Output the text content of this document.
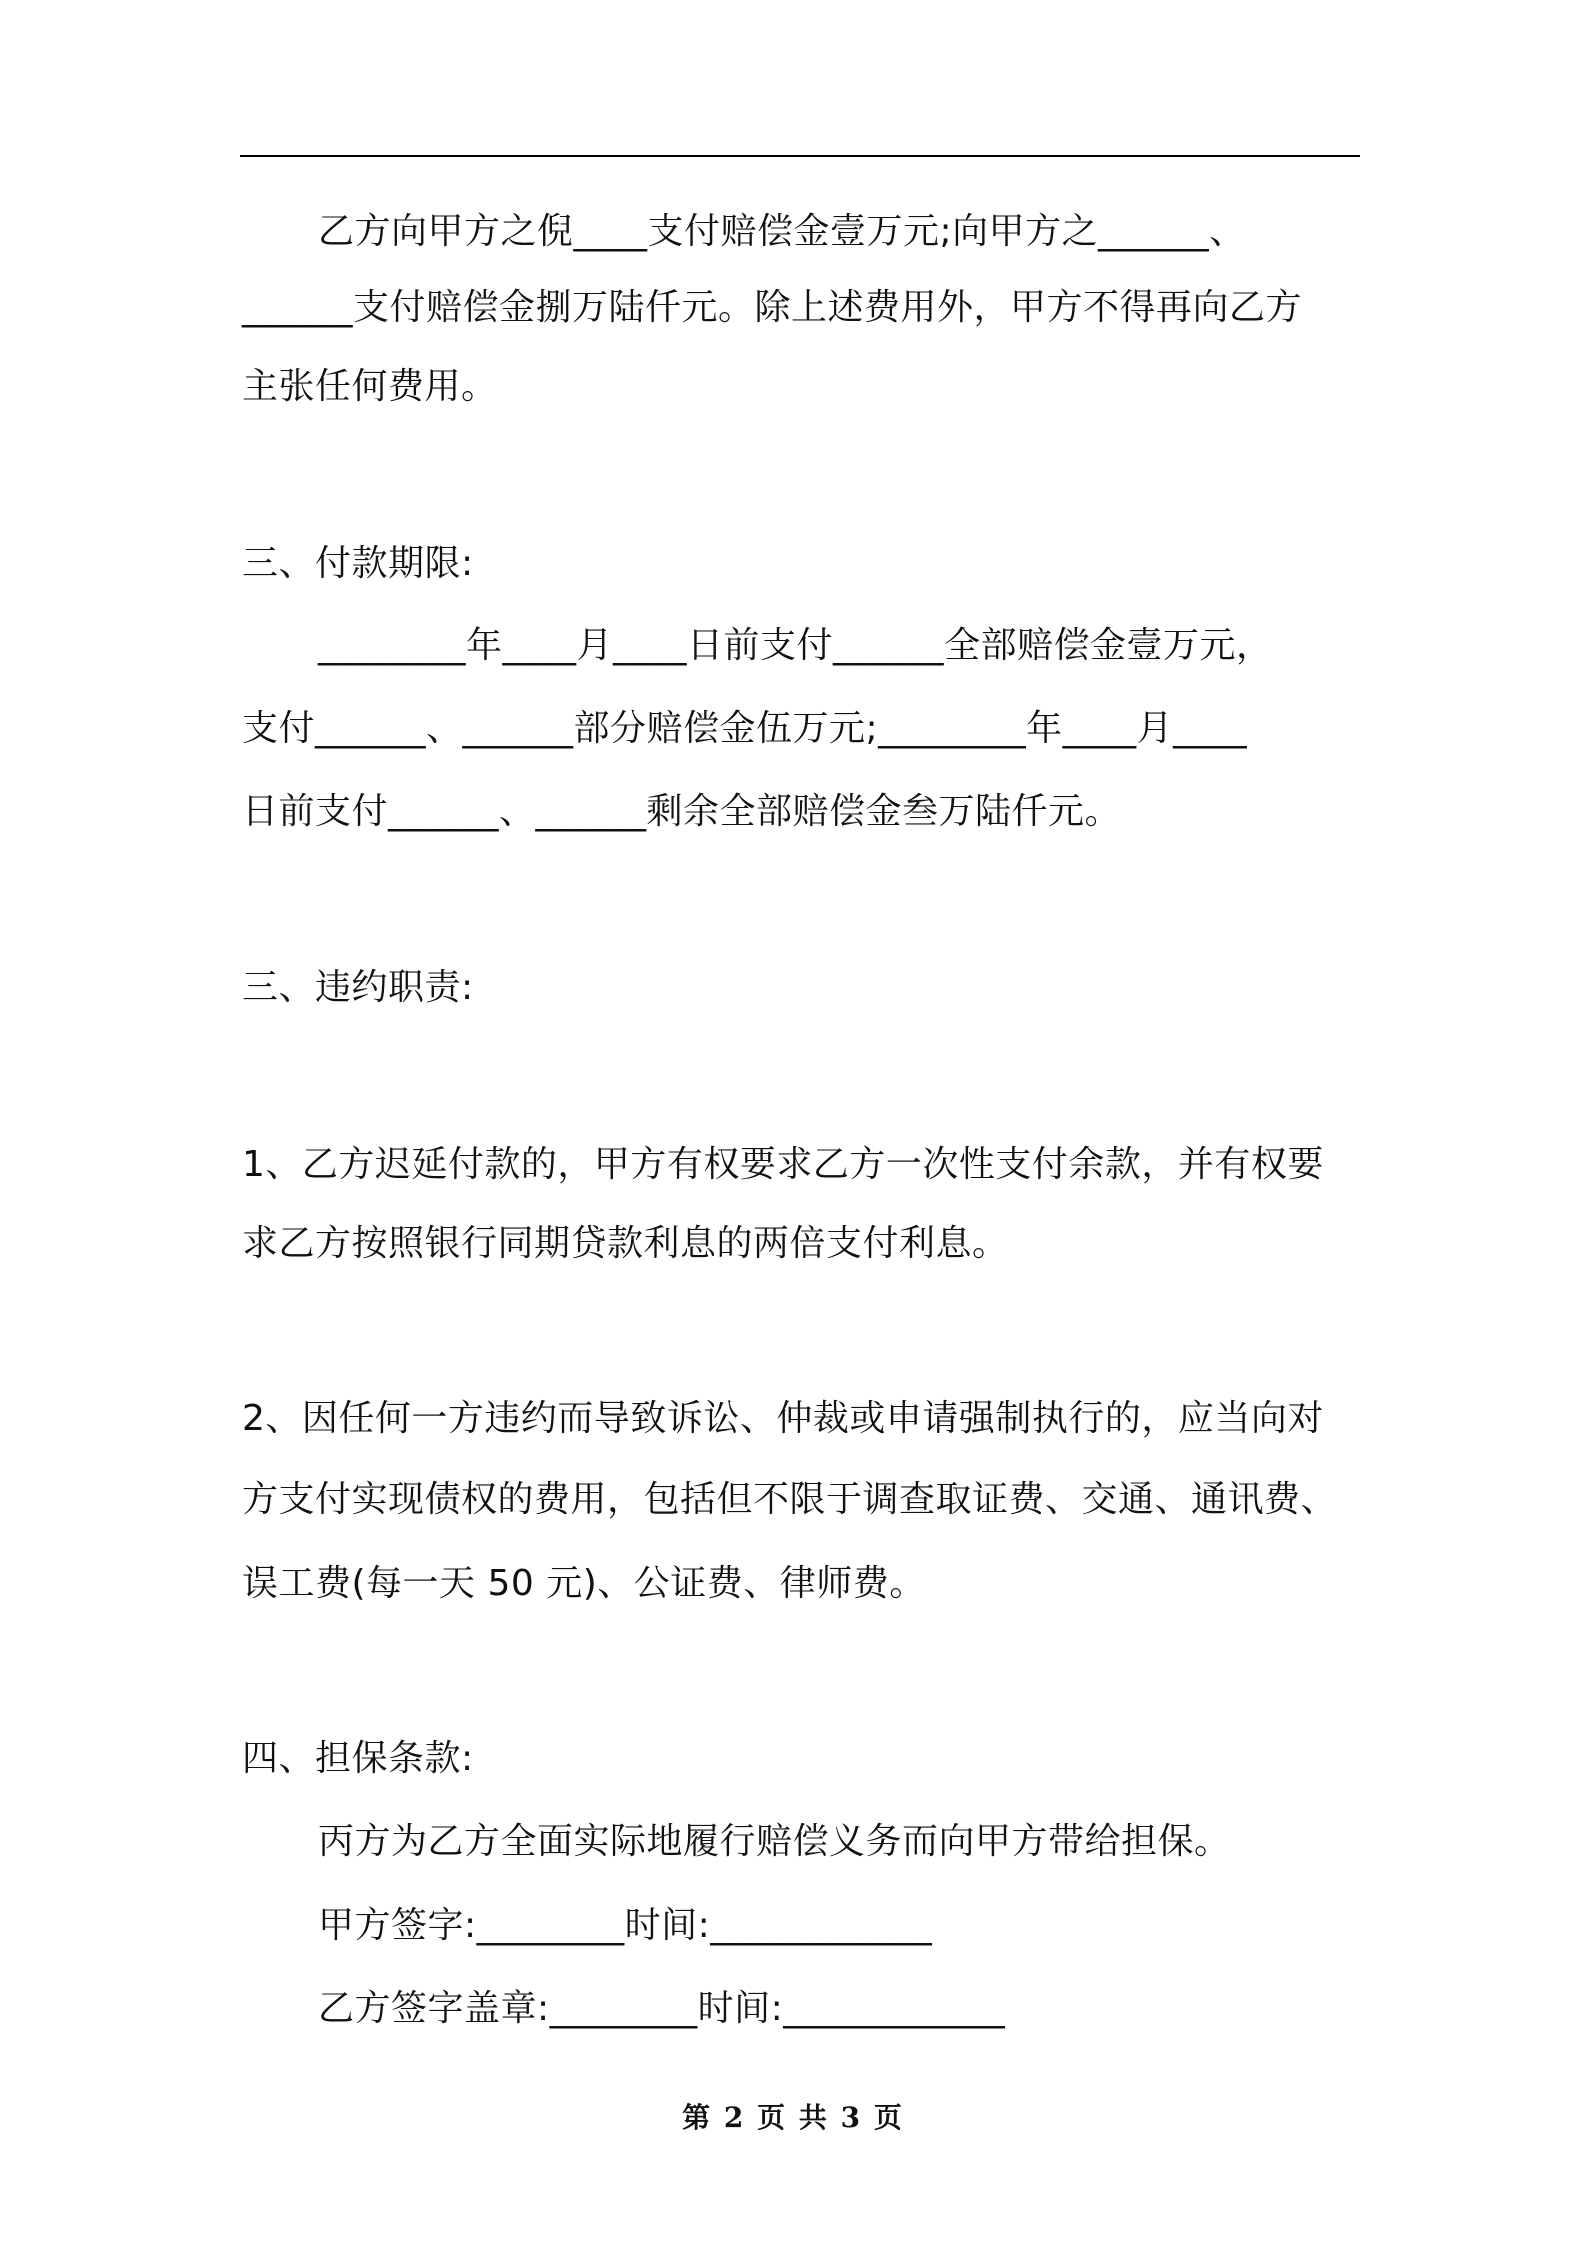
乙方向甲方之倪____支付赔偿金壹万元;向甲方之______、
______支付赔偿金捌万陆仟元。除上述费用外，甲方不得再向乙方
主张任何费用。
三、付款期限:
________年____月____日前支付______全部赔偿金壹万元，
支付______、______部分赔偿金伍万元;________年____月____
日前支付______、______剩余全部赔偿金叁万陆仟元。
三、违约职责:
1、乙方迟延付款的，甲方有权要求乙方一次性支付余款，并有权要
求乙方按照银行同期贷款利息的两倍支付利息。
2、因任何一方违约而导致诉讼、仲裁或申请强制执行的，应当向对
方支付实现债权的费用，包括但不限于调查取证费、交通、通讯费、
误工费(每一天 50 元)、公证费、律师费。
四、担保条款:
丙方为乙方全面实际地履行赔偿义务而向甲方带给担保。
甲方签字:________时间:____________
乙方签字盖章:________时间:____________
第 2 页 共 3 页
